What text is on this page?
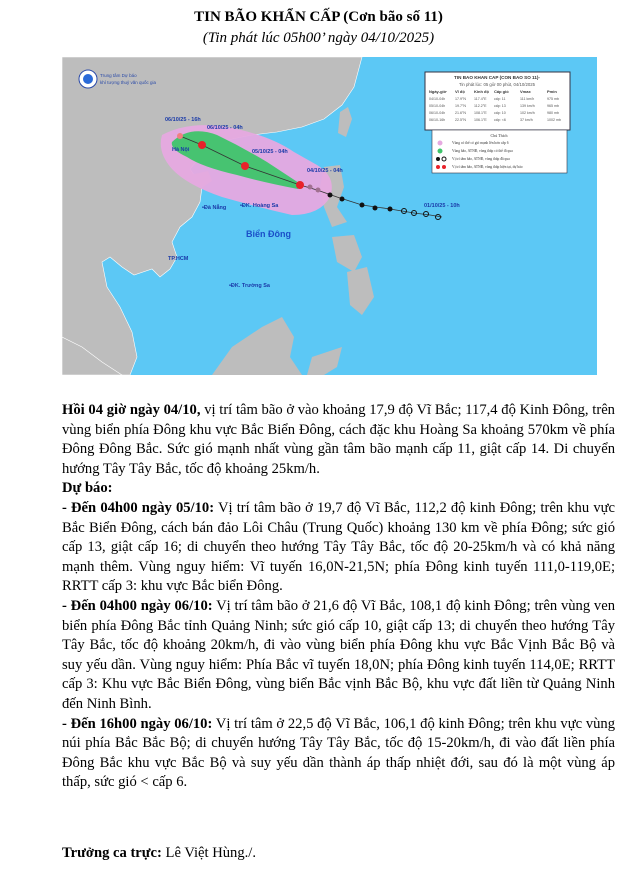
TIN BÃO KHẨN CẤP (Cơn bão số 11)
(Tin phát lúc 05h00’ ngày 04/10/2025)
06/10/25 - 16h
06/10/25 - 04h
05/10/25 - 04h
04/10/25 - 04h
01/10/25 - 10h
Hà Nội
•Đà Nẵng	•ĐK. Hoàng Sa
TP.HCM
•ĐK. Trường Sa
Biển Đông
Trung tâm Dự báo
khí tượng thuỷ văn quốc gia
TIN BAO KHAN CAP (CON BAO SO 11)-
Tin phát lúc: 05 giờ 00 phút, 04/10/2025
Ngày-giờ Vĩ độ Kinh độ Cấp gió	Vmax	Pmin
04/10-04h	17.9°N 117.4°E cấp: 11	111 km/h	975 mb
05/10-04h	19.7°N 112.2°E cấp: 13	139 km/h	965 mb
06/10-04h	21.6°N 108.1°E cấp: 10	102 km/h	980 mb
06/10-16h	22.5°N 106.1°E cấp: <6	37 km/h	1002 mb
Chú Thích
Vùng có thể có gió mạnh lên hơn cấp 6
Vùng bão, ATNĐ, vùng thấp có thể đi qua
Vị trí tâm bão, ATNĐ, vùng thấp đã qua
Vị trí tâm bão, ATNĐ, vùng thấp hiện tại, dự báo

Hồi 04 giờ ngày 04/10, vị trí tâm bão ở vào khoảng 17,9 độ Vĩ Bắc; 117,4 độ Kinh Đông, trên vùng biển phía Đông khu vực Bắc Biển Đông, cách đặc khu Hoàng Sa khoảng 570km về phía Đông Đông Bắc. Sức gió mạnh nhất vùng gần tâm bão mạnh cấp 11, giật cấp 14. Di chuyển hướng Tây Tây Bắc, tốc độ khoảng 25km/h.

Dự báo:

- Đến 04h00 ngày 05/10: Vị trí tâm bão ở 19,7 độ Vĩ Bắc, 112,2 độ kinh Đông; trên khu vực Bắc Biển Đông, cách bán đảo Lôi Châu (Trung Quốc) khoảng 130 km về phía Đông; sức gió cấp 13, giật cấp 16; di chuyển theo hướng Tây Tây Bắc, tốc độ 20-25km/h và có khả năng mạnh thêm. Vùng nguy hiểm: Vĩ tuyến 16,0N-21,5N; phía Đông kinh tuyến 111,0-119,0E; RRTT cấp 3: khu vực Bắc biển Đông.

- Đến 04h00 ngày 06/10: Vị trí tâm bão ở 21,6 độ Vĩ Bắc, 108,1 độ kinh Đông; trên vùng ven biển phía Đông Bắc tỉnh Quảng Ninh; sức gió cấp 10, giật cấp 13; di chuyển theo hướng Tây Tây Bắc, tốc độ khoảng 20km/h, đi vào vùng biển phía Đông khu vực Bắc Vịnh Bắc Bộ và suy yếu dần. Vùng nguy hiểm: Phía Bắc vĩ tuyến 18,0N; phía Đông kinh tuyến 114,0E; RRTT cấp 3: Khu vực Bắc Biển Đông, vùng biển Bắc vịnh Bắc Bộ, khu vực đất liền từ Quảng Ninh đến Ninh Bình.

- Đến 16h00 ngày 06/10: Vị trí tâm ở 22,5 độ Vĩ Bắc, 106,1 độ kinh Đông; trên khu vực vùng núi phía Bắc Bắc Bộ; di chuyển hướng Tây Tây Bắc, tốc độ 15-20km/h, đi vào đất liền phía Đông Bắc khu vực Bắc Bộ và suy yếu dần thành áp thấp nhiệt đới, sau đó là một vùng áp thấp, sức gió < cấp 6.

Trưởng ca trực: Lê Việt Hùng./.
